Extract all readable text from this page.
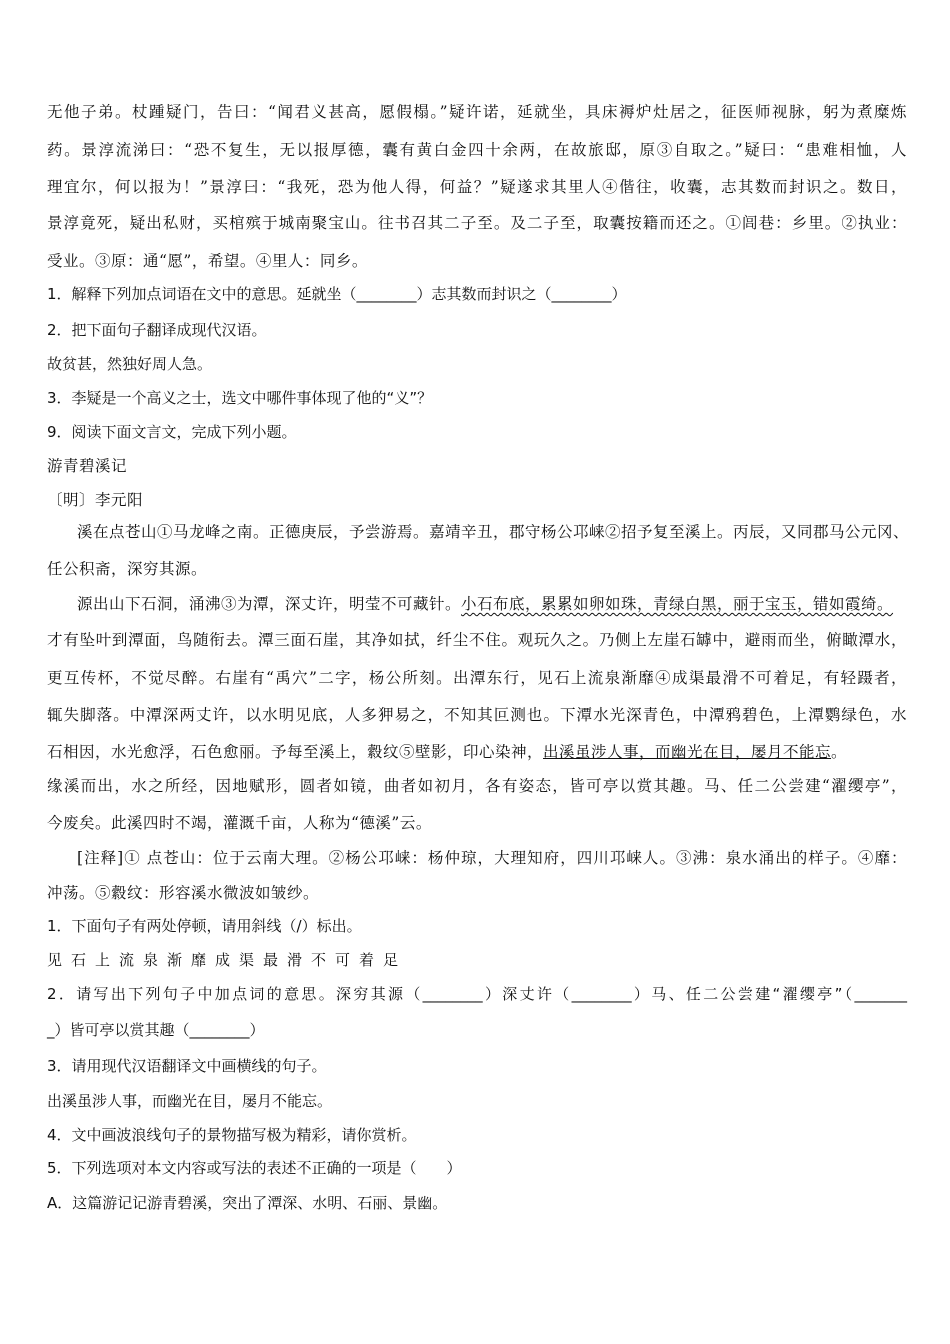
无他子弟。杖踵疑门，告曰：“闻君义甚高，愿假榻。”疑许诺，延就坐，具床褥炉灶居之，征医师视脉，躬为煮糜炼
药。景淳流涕曰：“恐不复生，无以报厚德，囊有黄白金四十余两，在故旅邸，原③自取之。”疑曰：“患难相恤，人
理宜尔，何以报为！”景淳曰：“我死，恐为他人得，何益？”疑遂求其里人④偕往，收囊，志其数而封识之。数日，
景淳竟死，疑出私财，买棺殡于城南聚宝山。往书召其二子至。及二子至，取囊按籍而还之。①闾巷：乡里。②执业：
受业。③原：通“愿”，希望。④里人：同乡。
1．解释下列加点词语在文中的意思。延就坐（________）志其数而封识之（________）
2．把下面句子翻译成现代汉语。
故贫甚，然独好周人急。
3．李疑是一个高义之士，选文中哪件事体现了他的“义”？
9．阅读下面文言文，完成下列小题。
游青碧溪记
〔明〕李元阳
溪在点苍山①马龙峰之南。正德庚辰，予尝游焉。嘉靖辛丑，郡守杨公邛崃②招予复至溪上。丙辰，又同郡马公元冈、
任公积斋，深穷其源。
源出山下石洞，涌沸③为潭，深丈许，明莹不可藏针。小石布底，累累如卵如珠，青绿白黑，丽于宝玉，错如霞绮。
才有坠叶到潭面，鸟随衔去。潭三面石崖，其净如拭，纤尘不住。观玩久之。乃侧上左崖石罅中，避雨而坐，俯瞰潭水，
更互传杯，不觉尽醉。右崖有“禹穴”二字，杨公所刻。出潭东行，见石上流泉渐靡④成渠最滑不可着足，有轻蹑者，
辄失脚落。中潭深两丈许，以水明见底，人多狎易之，不知其叵测也。下潭水光深青色，中潭鸦碧色，上潭鹦绿色，水
石相因，水光愈浮，石色愈丽。予每至溪上，縠纹⑤壁影，印心染神，出溪虽涉人事，而幽光在目，屡月不能忘。
缘溪而出，水之所经，因地赋形，圆者如镜，曲者如初月，各有姿态，皆可亭以赏其趣。马、任二公尝建“濯缨亭”，
今废矣。此溪四时不竭，灌溉千亩，人称为“德溪”云。
[注释]① 点苍山：位于云南大理。②杨公邛崃：杨仲琼，大理知府，四川邛崃人。③沸：泉水涌出的样子。④靡：
冲荡。⑤縠纹：形容溪水微波如皱纱。
1．下面句子有两处停顿，请用斜线（/）标出。
见石上流泉渐靡成渠最滑不可着足
2．请写出下列句子中加点词的意思。深穷其源（________）深丈许（________）马、任二公尝建“濯缨亭”（_______
_）皆可亭以赏其趣（________）
3．请用现代汉语翻译文中画横线的句子。
出溪虽涉人事，而幽光在目，屡月不能忘。
4．文中画波浪线句子的景物描写极为精彩，请你赏析。
5．下列选项对本文内容或写法的表述不正确的一项是（　　）
A．这篇游记记游青碧溪，突出了潭深、水明、石丽、景幽。
